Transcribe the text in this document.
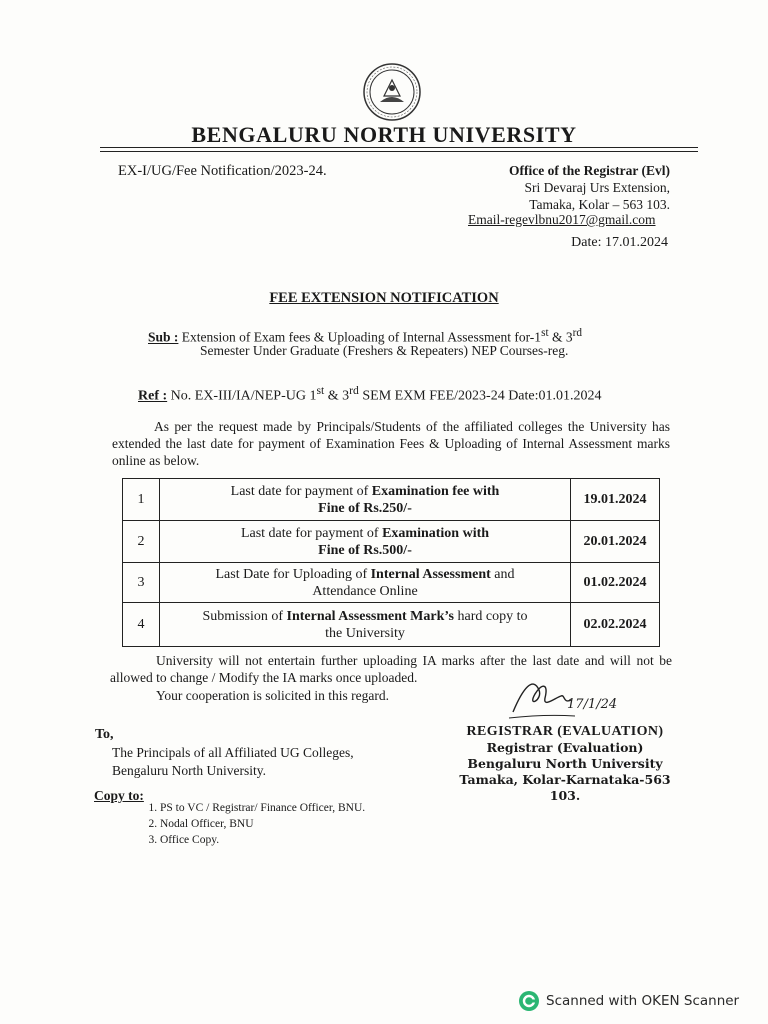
BENGALURU NORTH UNIVERSITY
EX-I/UG/Fee Notification/2023-24.	Office of the Registrar (Evl)
Sri Devaraj Urs Extension,
Tamaka, Kolar – 563 103.
Email-regevlbnu2017@gmail.com
Date: 17.01.2024
FEE EXTENSION NOTIFICATION
Sub : Extension of Exam fees & Uploading of Internal Assessment for-1st & 3rd
Semester Under Graduate (Freshers & Repeaters) NEP Courses-reg.
Ref : No. EX-III/IA/NEP-UG 1st & 3rd SEM EXM FEE/2023-24 Date:01.01.2024
As per the request made by Principals/Students of the affiliated colleges the University has extended the last date for payment of Examination Fees & Uploading of Internal Assessment marks online as below.
1	Last date for payment of Examination fee with
Fine of Rs.250/-	19.01.2024
2	Last date for payment of Examination with
Fine of Rs.500/-	20.01.2024
3	Last Date for Uploading of Internal Assessment and
Attendance Online	01.02.2024
4	Submission of Internal Assessment Mark’s hard copy to
the University	02.02.2024
University will not entertain further uploading IA marks after the last date and will not be allowed to change / Modify the IA marks once uploaded.
Your cooperation is solicited in this regard.
17/1/24
REGISTRAR (EVALUATION)
Registrar (Evaluation)
Bengaluru North University
Tamaka, Kolar-Karnataka-563 103.
To,
The Principals of all Affiliated UG Colleges,
Bengaluru North University.
Copy to:
1. PS to VC / Registrar/ Finance Officer, BNU.
2. Nodal Officer, BNU
3. Office Copy.
Scanned with OKEN Scanner
